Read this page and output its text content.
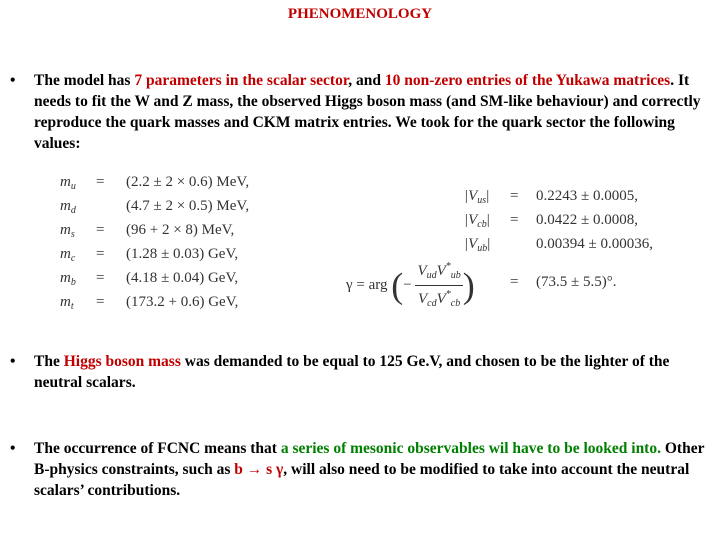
PHENOMENOLOGY
• The model has 7 parameters in the scalar sector, and 10 non-zero entries of the Yukawa matrices. It needs to fit the W and Z mass, the observed Higgs boson mass (and SM-like behaviour) and correctly reproduce the quark masses and CKM matrix entries. We took for the quark sector the following values:
$m_u = (2.2 \pm 2 \times 0.6)$ MeV,
$m_d$	(4.7 ± 2 × 0.5) MeV,
$m_s = (96 + 2 \times 8)$ MeV,
$m_c = (1.28 \pm 0.03)$ GeV,
$m_b = (4.18 \pm 0.04)$ GeV,
$m_t = (173.2 + 0.6)$ GeV,
$|V_{us}| = 0.2243 \pm 0.0005$,
$|V_{cb}| = 0.0422 \pm 0.0008$,
$|V_{ub}|$	0.00394 ± 0.00036,
γ = arg (− $\frac{V_{ud}V^*_{ub}}{V_{cd}V^*_{cb}}$ ) = (73.5 ± 5.5)°.
• The Higgs boson mass was demanded to be equal to 125 Ge.V, and chosen to be the lighter of the neutral scalars.
• The occurrence of FCNC means that a series of mesonic observables wil have to be looked into. Other B-physics constraints, such as b → s γ, will also need to be modified to take into account the neutral scalars’ contributions.
